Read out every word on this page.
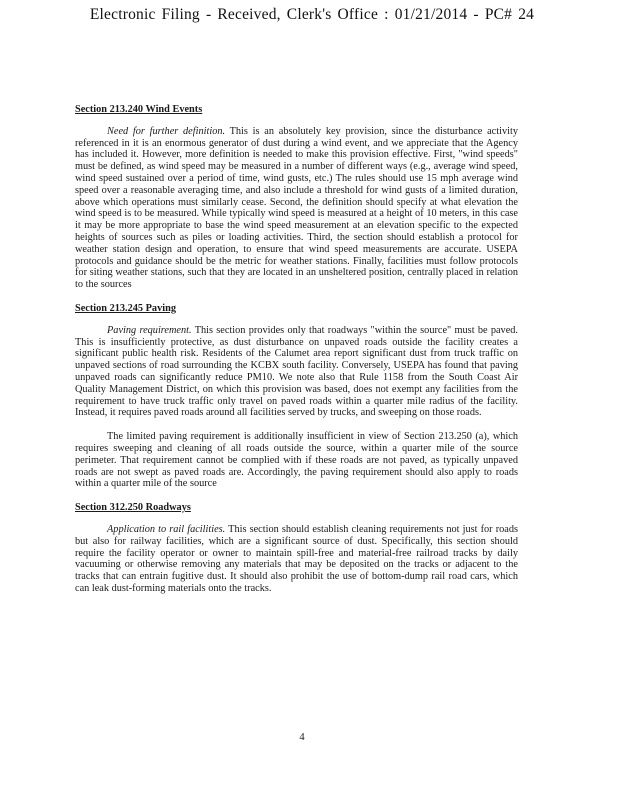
Electronic Filing - Received, Clerk's Office : 01/21/2014 - PC# 24

Section 213.240 Wind Events

Need for further definition. This is an absolutely key provision, since the disturbance activity referenced in it is an enormous generator of dust during a wind event, and we appreciate that the Agency has included it. However, more definition is needed to make this provision effective. First, "wind speeds" must be defined, as wind speed may be measured in a number of different ways (e.g., average wind speed, wind speed sustained over a period of time, wind gusts, etc.) The rules should use 15 mph average wind speed over a reasonable averaging time, and also include a threshold for wind gusts of a limited duration, above which operations must similarly cease. Second, the definition should specify at what elevation the wind speed is to be measured. While typically wind speed is measured at a height of 10 meters, in this case it may be more appropriate to base the wind speed measurement at an elevation specific to the expected heights of sources such as piles or loading activities. Third, the section should establish a protocol for weather station design and operation, to ensure that wind speed measurements are accurate. USEPA protocols and guidance should be the metric for weather stations. Finally, facilities must follow protocols for siting weather stations, such that they are located in an unsheltered position, centrally placed in relation to the sources

Section 213.245 Paving

Paving requirement. This section provides only that roadways "within the source" must be paved. This is insufficiently protective, as dust disturbance on unpaved roads outside the facility creates a significant public health risk. Residents of the Calumet area report significant dust from truck traffic on unpaved sections of road surrounding the KCBX south facility. Conversely, USEPA has found that paving unpaved roads can significantly reduce PM10. We note also that Rule 1158 from the South Coast Air Quality Management District, on which this provision was based, does not exempt any facilities from the requirement to have truck traffic only travel on paved roads within a quarter mile radius of the facility. Instead, it requires paved roads around all facilities served by trucks, and sweeping on those roads.

The limited paving requirement is additionally insufficient in view of Section 213.250 (a), which requires sweeping and cleaning of all roads outside the source, within a quarter mile of the source perimeter. That requirement cannot be complied with if these roads are not paved, as typically unpaved roads are not swept as paved roads are. Accordingly, the paving requirement should also apply to roads within a quarter mile of the source

Section 312.250 Roadways

Application to rail facilities. This section should establish cleaning requirements not just for roads but also for railway facilities, which are a significant source of dust. Specifically, this section should require the facility operator or owner to maintain spill-free and material-free railroad tracks by daily vacuuming or otherwise removing any materials that may be deposited on the tracks or adjacent to the tracks that can entrain fugitive dust. It should also prohibit the use of bottom-dump rail road cars, which can leak dust-forming materials onto the tracks.

4
